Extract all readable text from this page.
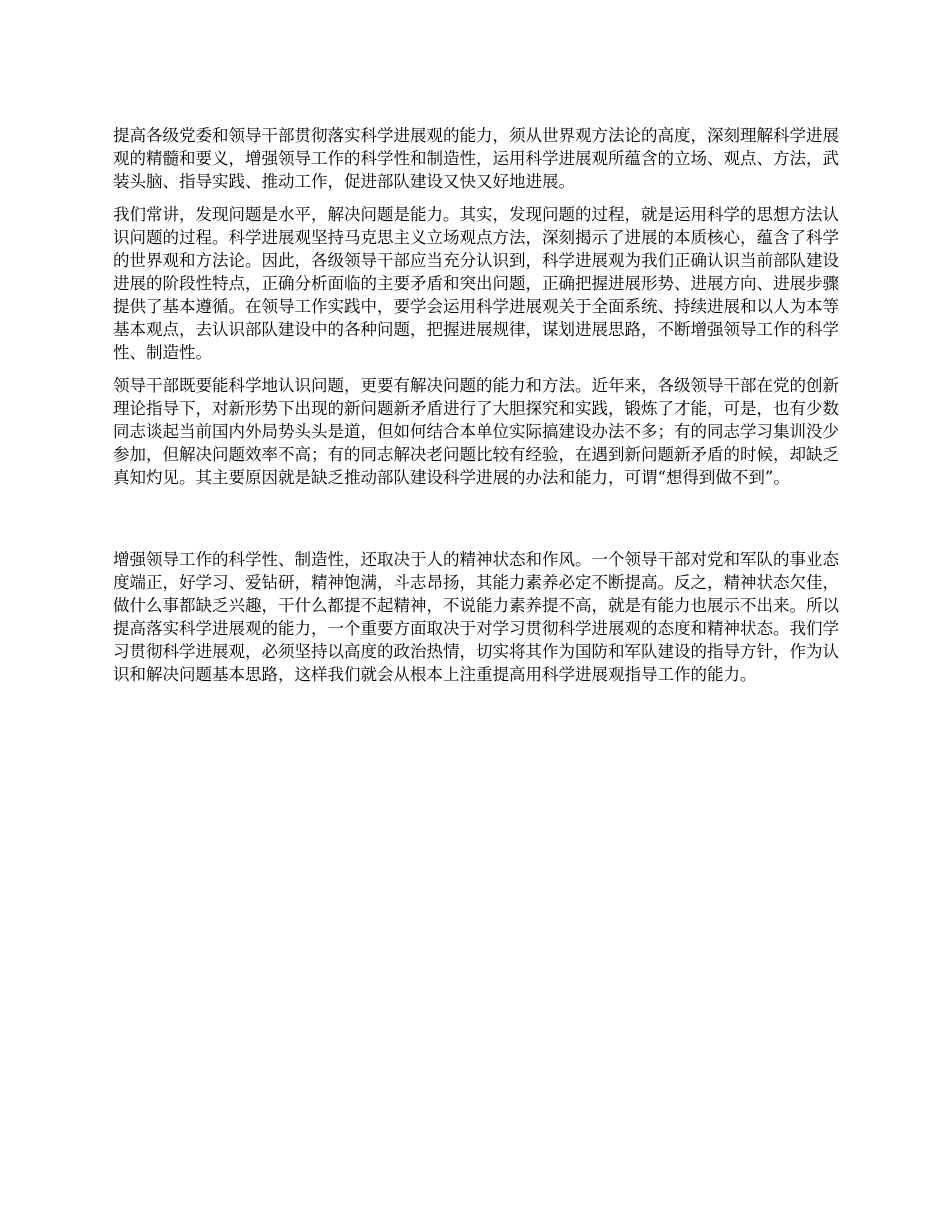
提高各级党委和领导干部贯彻落实科学进展观的能力，须从世界观方法论的高度，深刻理解科学进展观的精髓和要义，增强领导工作的科学性和制造性，运用科学进展观所蕴含的立场、观点、方法，武装头脑、指导实践、推动工作，促进部队建设又快又好地进展。

我们常讲，发现问题是水平，解决问题是能力。其实，发现问题的过程，就是运用科学的思想方法认识问题的过程。科学进展观坚持马克思主义立场观点方法，深刻揭示了进展的本质核心，蕴含了科学的世界观和方法论。因此，各级领导干部应当充分认识到，科学进展观为我们正确认识当前部队建设进展的阶段性特点，正确分析面临的主要矛盾和突出问题，正确把握进展形势、进展方向、进展步骤提供了基本遵循。在领导工作实践中，要学会运用科学进展观关于全面系统、持续进展和以人为本等基本观点，去认识部队建设中的各种问题，把握进展规律，谋划进展思路，不断增强领导工作的科学性、制造性。

领导干部既要能科学地认识问题，更要有解决问题的能力和方法。近年来，各级领导干部在党的创新理论指导下，对新形势下出现的新问题新矛盾进行了大胆探究和实践，锻炼了才能，可是，也有少数同志谈起当前国内外局势头头是道，但如何结合本单位实际搞建设办法不多；有的同志学习集训没少参加，但解决问题效率不高；有的同志解决老问题比较有经验，在遇到新问题新矛盾的时候，却缺乏真知灼见。其主要原因就是缺乏推动部队建设科学进展的办法和能力，可谓“想得到做不到”。

增强领导工作的科学性、制造性，还取决于人的精神状态和作风。一个领导干部对党和军队的事业态度端正，好学习、爱钻研，精神饱满，斗志昂扬，其能力素养必定不断提高。反之，精神状态欠佳，做什么事都缺乏兴趣，干什么都提不起精神，不说能力素养提不高，就是有能力也展示不出来。所以提高落实科学进展观的能力，一个重要方面取决于对学习贯彻科学进展观的态度和精神状态。我们学习贯彻科学进展观，必须坚持以高度的政治热情，切实将其作为国防和军队建设的指导方针，作为认识和解决问题基本思路，这样我们就会从根本上注重提高用科学进展观指导工作的能力。
